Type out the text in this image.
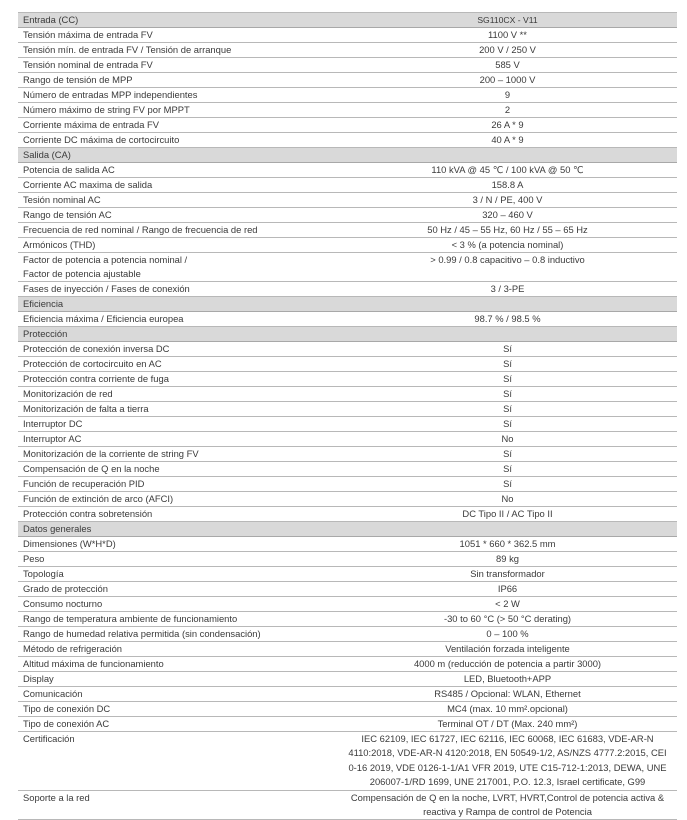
Entrada (CC)	SG110CX - V11

Tensión máxima de entrada FV	1100 V **

Tensión mín. de entrada FV / Tensión de arranque	200 V / 250 V

Tensión nominal de entrada FV	585 V

Rango de tensión de MPP	200 – 1000 V

Número de entradas MPP independientes	9

Número máximo de string FV por MPPT	2

Corriente máxima de entrada FV	26 A * 9

Corriente DC máxima de cortocircuito	40 A * 9
Salida (CA)	

Potencia de salida AC	110 kVA @ 45 ℃ / 100 kVA @ 50 ℃

Corriente AC maxima de salida	158.8 A

Tesión nominal AC	3 / N / PE, 400 V

Rango de tensión AC	320 – 460 V

Frecuencia de red nominal / Rango de frecuencia de red	50 Hz / 45 – 55 Hz, 60 Hz / 55 – 65 Hz

Armónicos (THD)	< 3 % (a potencia nominal)

Factor de potencia a potencia nominal /
Factor de potencia ajustable	> 0.99 / 0.8 capacitivo – 0.8 inductivo

Fases de inyección / Fases de conexión	3 / 3-PE
Eficiencia	

Eficiencia máxima / Eficiencia europea	98.7 % / 98.5 %
Protección	

Protección de conexión inversa DC	Sí

Protección de cortocircuito en AC	Sí

Protección contra corriente de fuga	Sí

Monitorización de red	Sí

Monitorización de falta a tierra	Sí

Interruptor DC	Sí

Interruptor AC	No

Monitorización de la corriente de string FV	Sí

Compensación de Q en la noche	Sí

Función de recuperación PID	Sí

Función de extinción de arco (AFCI)	No

Protección contra sobretensión	DC Tipo II / AC Tipo II
Datos generales	

Dimensiones (W*H*D)	1051 * 660 * 362.5 mm

Peso	89 kg

Topología	Sin transformador

Grado de protección	IP66

Consumo nocturno	< 2 W

Rango de temperatura ambiente de funcionamiento	-30 to 60 °C (> 50 °C derating)

Rango de humedad relativa permitida (sin condensación)	0 – 100 %

Método de refrigeración	Ventilación forzada inteligente

Altitud máxima de funcionamiento	4000 m (reducción de potencia a partir 3000)

Display	LED, Bluetooth+APP

Comunicación	RS485 / Opcional: WLAN, Ethernet

Tipo de conexión DC	MC4 (max. 10 mm².opcional)

Tipo de conexión AC	Terminal OT / DT (Max. 240 mm²)

Certificación	IEC 62109, IEC 61727, IEC 62116, IEC 60068, IEC 61683, VDE-AR-N 4110:2018, VDE-AR-N 4120:2018, EN 50549-1/2, AS/NZS 4777.2:2015, CEI 0-16 2019, VDE 0126-1-1/A1 VFR 2019, UTE C15-712-1:2013, DEWA, UNE 206007-1/RD 1699, UNE 217001, P.O. 12.3, Israel certificate, G99

Soporte a la red	Compensación de Q en la noche, LVRT, HVRT,Control de potencia activa & reactiva y Rampa de control de Potencia
